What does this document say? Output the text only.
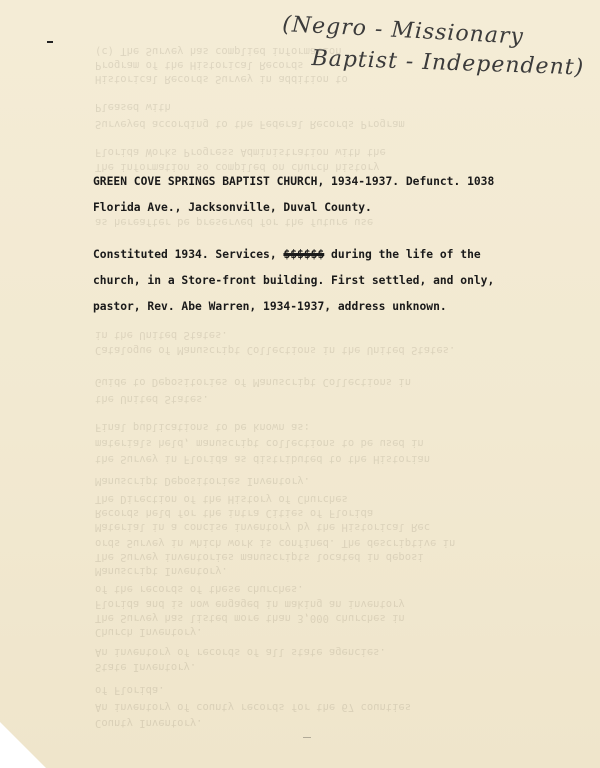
(c) The Survey has complied information
Program of the Historical Records
Historical Records Survey in addition to
Pleased with
Surveyed according to the Federal Records Program
Florida Works Progress Administration with the
The information so compiled on church history
as hereafter be preserved for the future use
in the United States.
Catalogue of Manuscript Collections in the United States.
Guide to Depositories of Manuscript Collections in
the United States.
Final publications to be known as:
materials held, manuscript collections to be used in
the Survey in Florida as distributed to the Historian
Manuscript Depositories Inventory.
The Direction of the History of Churches
Records held for the intra Cities of Florida
Material in a concise inventory by the Historical Rec
ords Survey in which work is confined. The descriptive in
The Survey inventories manuscripts located in deposi
Manuscript Inventory.
of the records of these churches.
Florida and is now engaged in making an inventory
The Survey has listed more than 3,000 churches in
Church Inventory.
An inventory of records of all state agencies.
State Inventory.
of Florida.
An inventory of county records for the 67 counties
County Inventory.
(Negro - Missionary
Baptist - Independent)
GREEN COVE SPRINGS BAPTIST CHURCH, 1934-1937. Defunct. 1038
Florida Ave., Jacksonville, Duval County.
Constituted 1934. Services, $$$$$$ during the life of the
church, in a Store-front building. First settled, and only,
pastor, Rev. Abe Warren, 1934-1937, address unknown.
